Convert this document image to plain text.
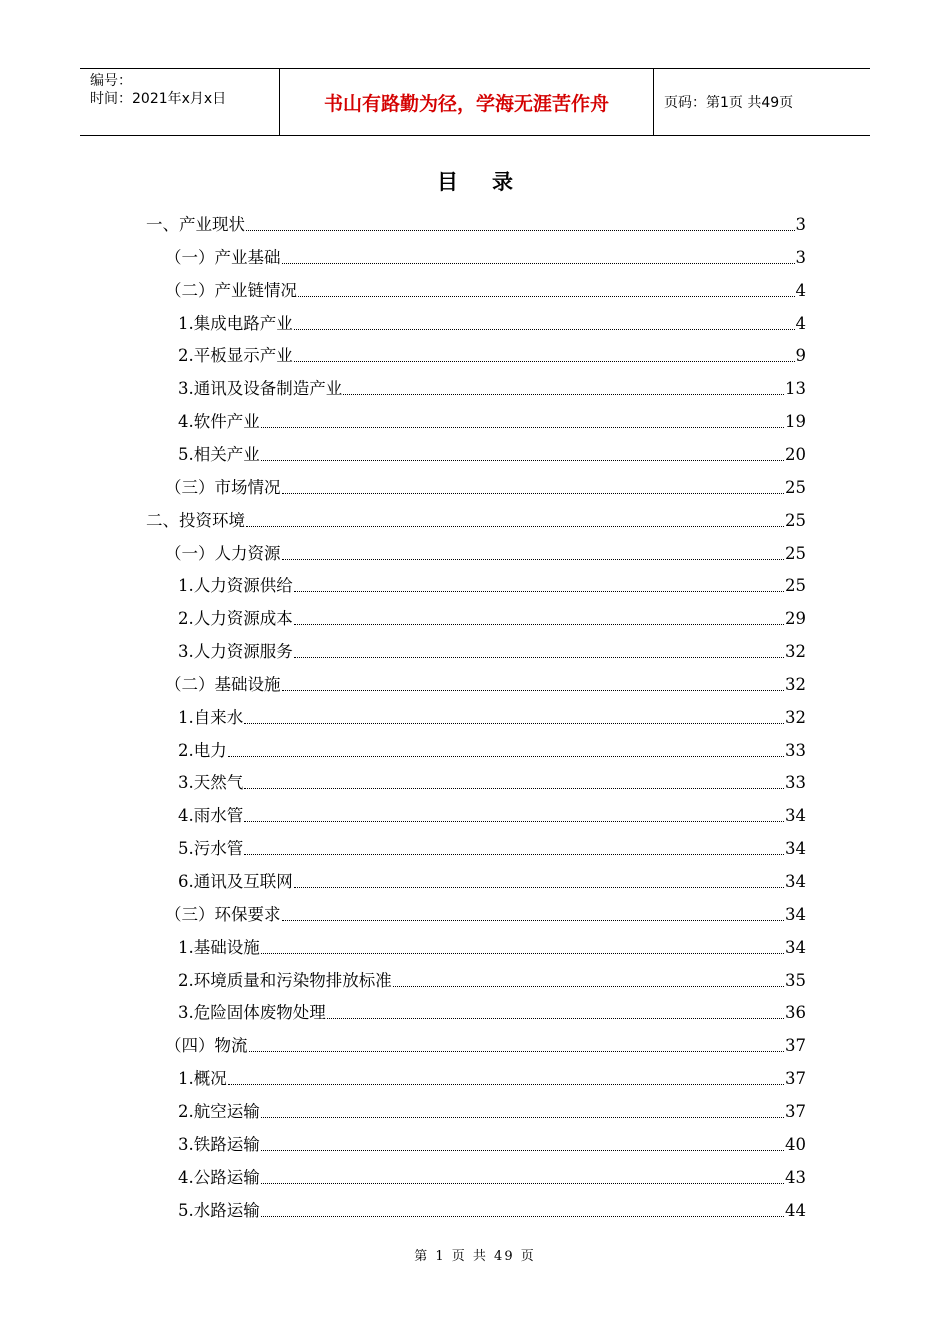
编号：
时间：2021年x月x日	书山有路勤为径，学海无涯苦作舟	页码：第1页 共49页
目录
一、产业现状	3
（一）产业基础	3
（二）产业链情况	4
1.集成电路产业	4
2.平板显示产业	9
3.通讯及设备制造产业	13
4.软件产业	19
5.相关产业	20
（三）市场情况	25
二、投资环境	25
（一）人力资源	25
1.人力资源供给	25
2.人力资源成本	29
3.人力资源服务	32
（二）基础设施	32
1.自来水	32
2.电力	33
3.天然气	33
4.雨水管	34
5.污水管	34
6.通讯及互联网	34
（三）环保要求	34
1.基础设施	34
2.环境质量和污染物排放标准	35
3.危险固体废物处理	36
（四）物流	37
1.概况	37
2.航空运输	37
3.铁路运输	40
4.公路运输	43
5.水路运输	44
第 1 页 共 49 页
